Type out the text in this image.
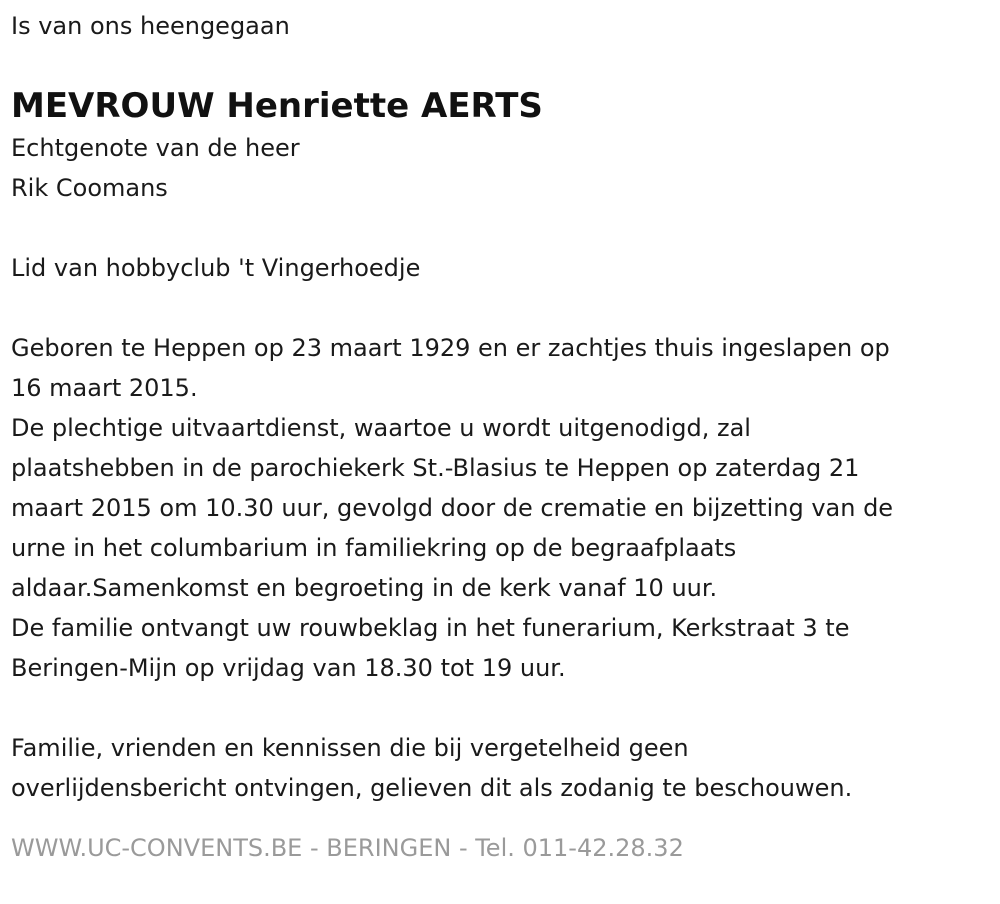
Is van ons heengegaan
MEVROUW Henriette AERTS
Echtgenote van de heer
Rik Coomans
Lid van hobbyclub 't Vingerhoedje
Geboren te Heppen op 23 maart 1929 en er zachtjes thuis ingeslapen op
16 maart 2015.
De plechtige uitvaartdienst, waartoe u wordt uitgenodigd, zal
plaatshebben in de parochiekerk St.-Blasius te Heppen op zaterdag 21
maart 2015 om 10.30 uur, gevolgd door de crematie en bijzetting van de
urne in het columbarium in familiekring op de begraafplaats
aldaar.Samenkomst en begroeting in de kerk vanaf 10 uur.
De familie ontvangt uw rouwbeklag in het funerarium, Kerkstraat 3 te
Beringen-Mijn op vrijdag van 18.30 tot 19 uur.
Familie, vrienden en kennissen die bij vergetelheid geen
overlijdensbericht ontvingen, gelieven dit als zodanig te beschouwen.
WWW.UC-CONVENTS.BE - BERINGEN - Tel. 011-42.28.32
